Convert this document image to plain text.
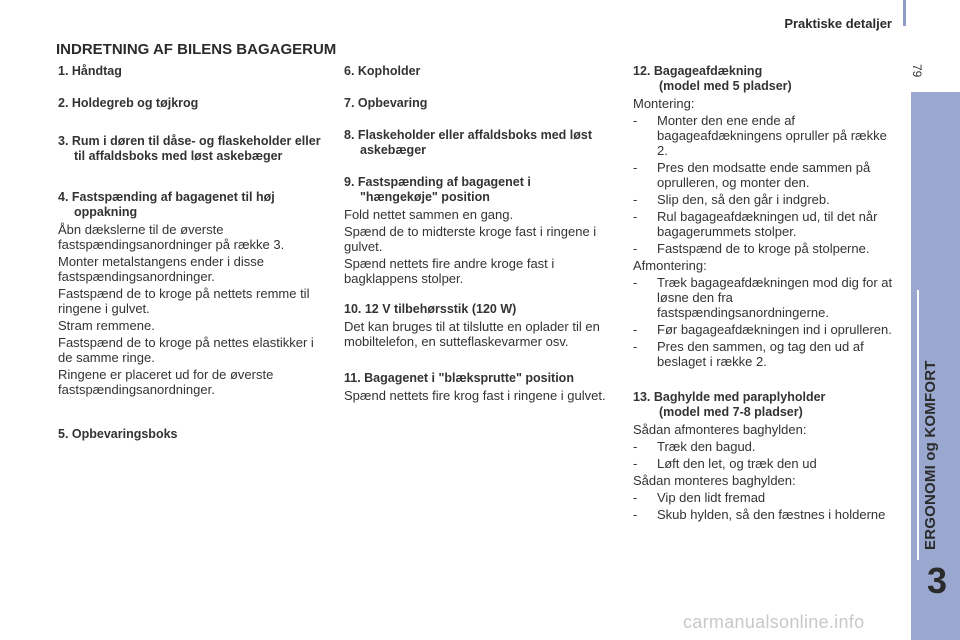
Praktiske detaljer
79
ERGONOMI og KOMFORT
3
INDRETNING AF BILENS BAGAGERUM

1. Håndtag

2. Holdegreb og tøjkrog

3. Rum i døren til dåse- og flaskeholder eller til affaldsboks med løst askebæger

4. Fastspænding af bagagenet til høj oppakning

Åbn dækslerne til de øverste fastspændingsanordninger på række 3.

Monter metalstangens ender i disse fastspændingsanordninger.

Fastspænd de to kroge på nettets remme til ringene i gulvet.

Stram remmene.

Fastspænd de to kroge på nettes elastikker i de samme ringe.

Ringene er placeret ud for de øverste fastspændingsanordninger.

5. Opbevaringsboks

6. Kopholder

7. Opbevaring

8. Flaskeholder eller affaldsboks med løst askebæger

9. Fastspænding af bagagenet i "hængekøje" position

Fold nettet sammen en gang.

Spænd de to midterste kroge fast i ringene i gulvet.

Spænd nettets fire andre kroge fast i bagklappens stolper.

10. 12 V tilbehørsstik (120 W)

Det kan bruges til at tilslutte en oplader til en mobiltelefon, en sutteflaskevarmer osv.

11. Bagagenet i "blæksprutte" position

Spænd nettets fire krog fast i ringene i gulvet.

12. Bagageafdækning
(model med 5 pladser)

Montering:

-	Monter den ene ende af bagageafdækningens opruller på række 2.
-	Pres den modsatte ende sammen på oprulleren, og monter den.
-	Slip den, så den går i indgreb.
-	Rul bagageafdækningen ud, til det når bagagerummets stolper.
-	Fastspænd de to kroge på stolperne.

Afmontering:

-	Træk bagageafdækningen mod dig for at løsne den fra fastspændingsanordningerne.
-	Før bagageafdækningen ind i oprulleren.
-	Pres den sammen, og tag den ud af beslaget i række 2.

13. Baghylde med paraplyholder
(model med 7-8 pladser)

Sådan afmonteres baghylden:

-	Træk den bagud.
-	Løft den let, og træk den ud

Sådan monteres baghylden:

-	Vip den lidt fremad
-	Skub hylden, så den fæstnes i holderne
carmanualsonline.info
